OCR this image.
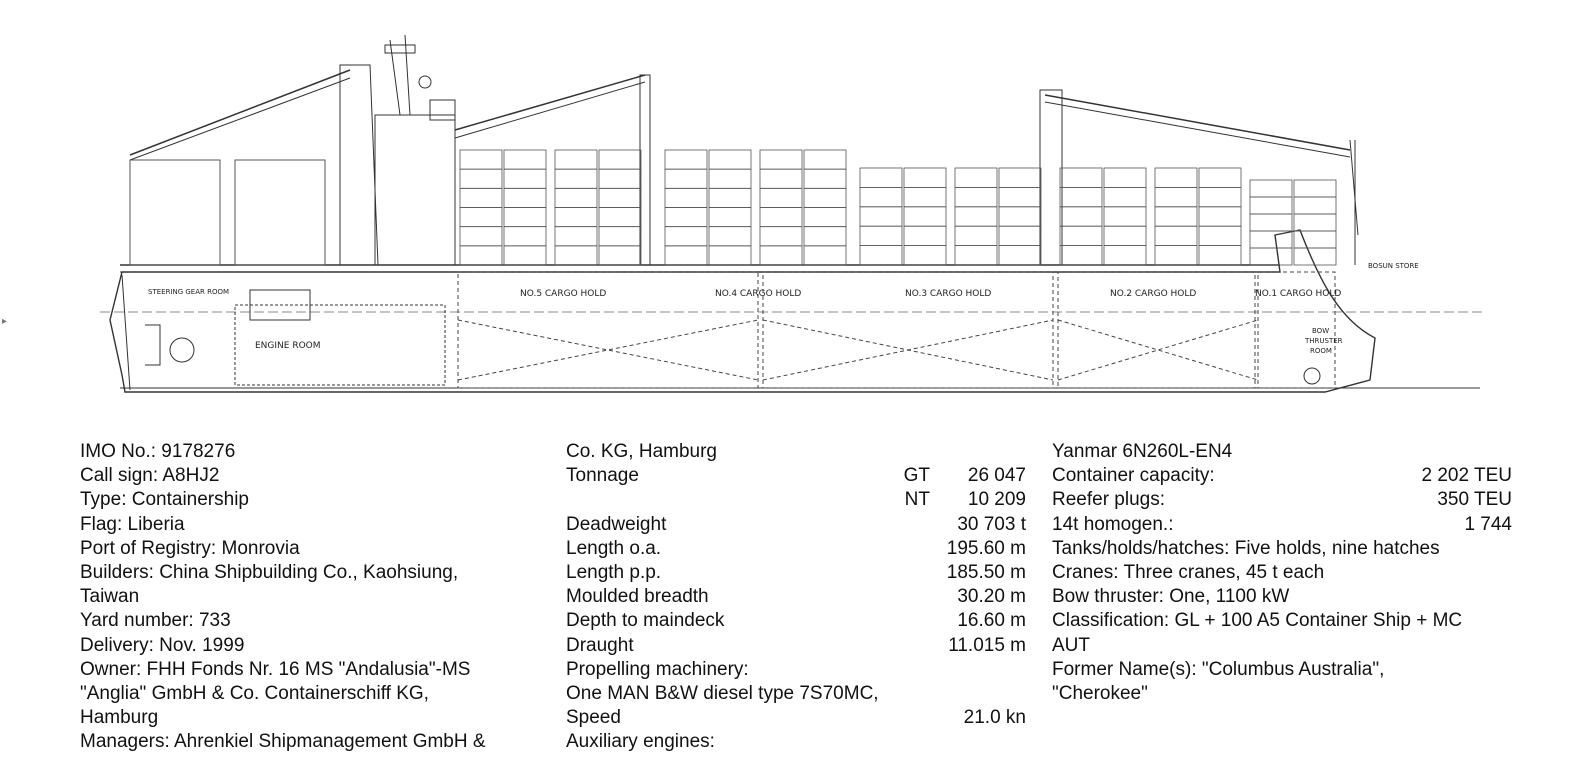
▸
NO.5 CARGO HOLD	NO.4 CARGO HOLD	NO.3 CARGO HOLD	NO.2 CARGO HOLD	NO.1 CARGO HOLD
ENGINE ROOM
STEERING GEAR ROOM
BOSUN STORE
BOW
THRUSTER
ROOM
IMO No.: 9178276
Call sign: A8HJ2
Type: Containership
Flag: Liberia
Port of Registry: Monrovia
Builders: China Shipbuilding Co., Kaohsiung,
Taiwan
Yard number: 733
Delivery: Nov. 1999
Owner: FHH Fonds Nr. 16 MS "Andalusia"-MS
"Anglia" GmbH & Co. Containerschiff KG,
Hamburg
Managers: Ahrenkiel Shipmanagement GmbH &
Co. KG, Hamburg
Tonnage	GT	26 047
NT	10 209
Deadweight	30 703 t
Length o.a.	195.60 m
Length p.p.	185.50 m
Moulded breadth	30.20 m
Depth to maindeck	16.60 m
Draught	11.015 m
Propelling machinery:
One MAN B&W diesel type 7S70MC,
Speed	21.0 kn
Auxiliary engines:
Yanmar 6N260L-EN4
Container capacity:	2 202 TEU
Reefer plugs:	350 TEU
14t homogen.:	1 744
Tanks/holds/hatches: Five holds, nine hatches
Cranes: Three cranes, 45 t each
Bow thruster: One, 1100 kW
Classification: GL + 100 A5 Container Ship + MC
AUT
Former Name(s): "Columbus Australia",
"Cherokee"
